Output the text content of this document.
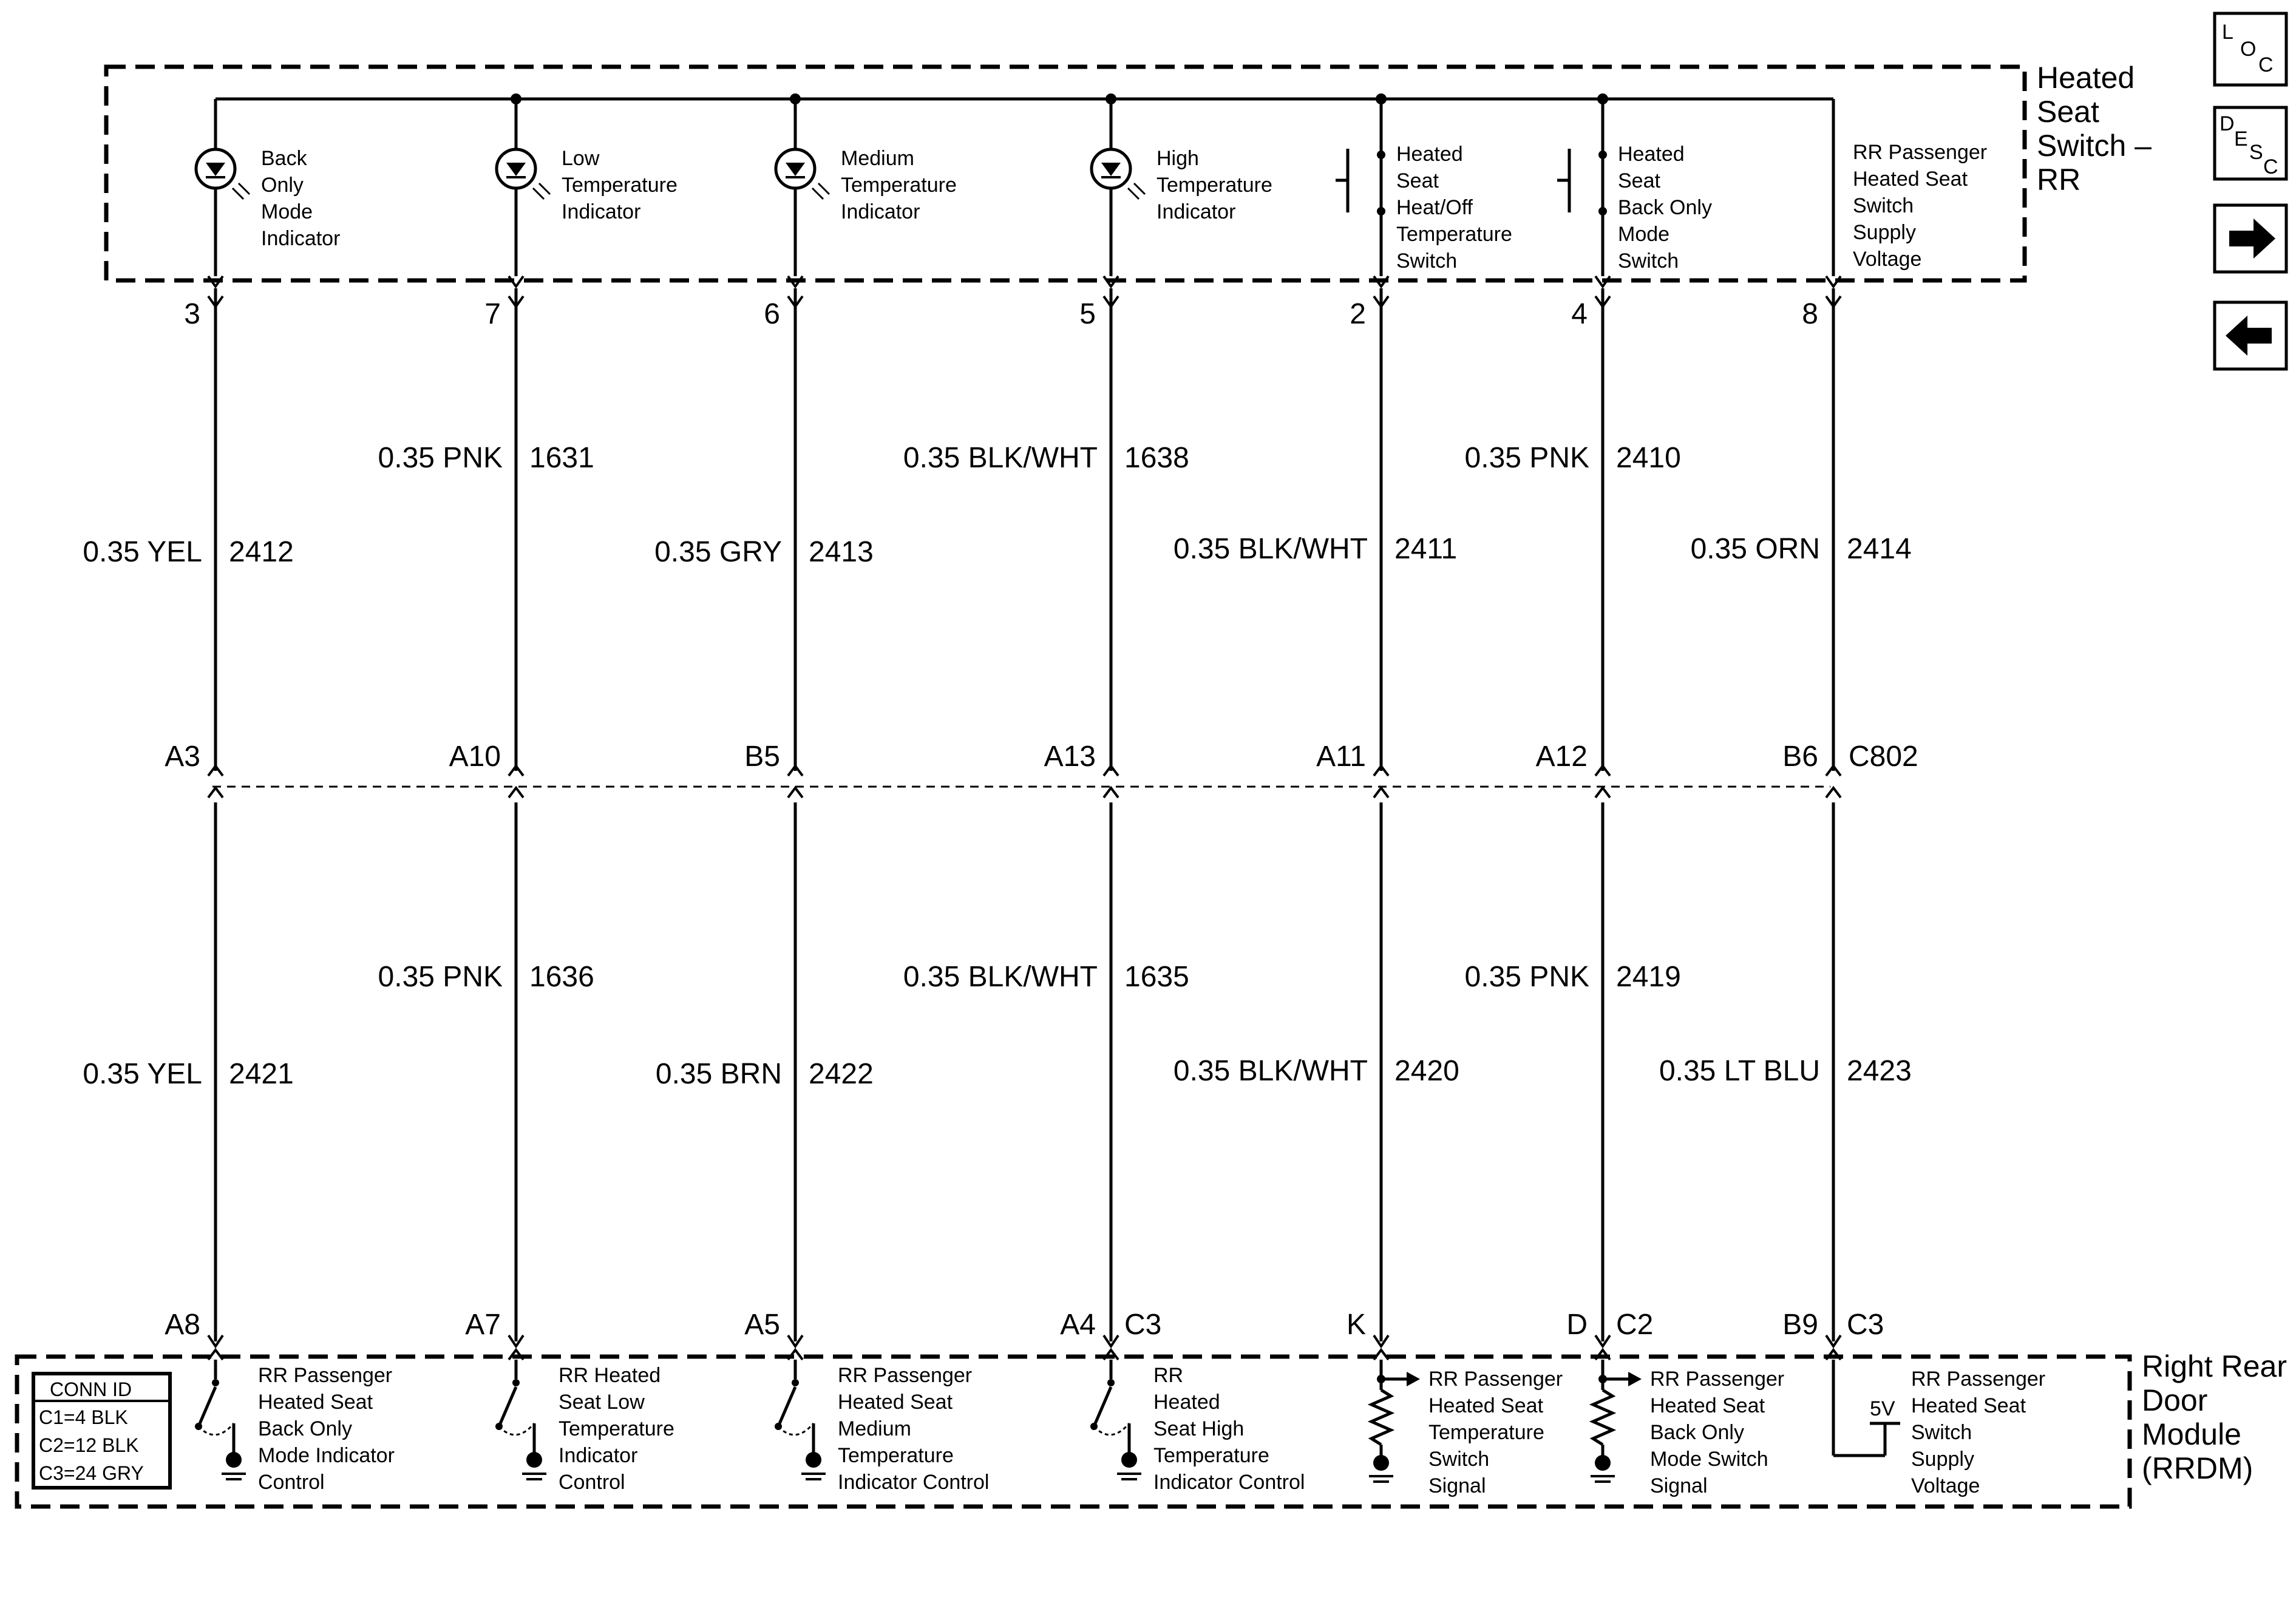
Heated Seat Switch – RR
Right Rear Door Module (RRDM)
CONN ID
C1=4 BLK
C2=12 BLK
C3=24 GRY
C802
3
0.35 YEL 2412
A3
0.35 YEL 2421
A8
7
0.35 PNK 1631
A10
0.35 PNK 1636
A7
6
0.35 GRY 2413
B5
0.35 BRN 2422
A5
5
0.35 BLK/WHT 1638
A13
0.35 BLK/WHT 1635
A4 C3
2
0.35 BLK/WHT 2411
A11
0.35 BLK/WHT 2420
K
4
0.35 PNK 2410
A12
0.35 PNK 2419
D C2
8
0.35 ORN 2414
B6
0.35 LT BLU 2423
B9 C3
Back Only Mode Indicator
Low Temperature Indicator
Medium Temperature Indicator
High Temperature Indicator
Heated Seat Heat/Off Temperature Switch
Heated Seat Back Only Mode Switch
RR Passenger Heated Seat Switch Supply Voltage
RR Passenger Heated Seat Back Only Mode Indicator Control
RR Heated Seat Low Temperature Indicator Control
RR Passenger Heated Seat Medium Temperature Indicator Control
RR Heated Seat High Temperature Indicator Control
RR Passenger Heated Seat Temperature Switch Signal
RR Passenger Heated Seat Back Only Mode Switch Signal
5V
RR Passenger Heated Seat Switch Supply Voltage
L
O
C
D
E
S
C
